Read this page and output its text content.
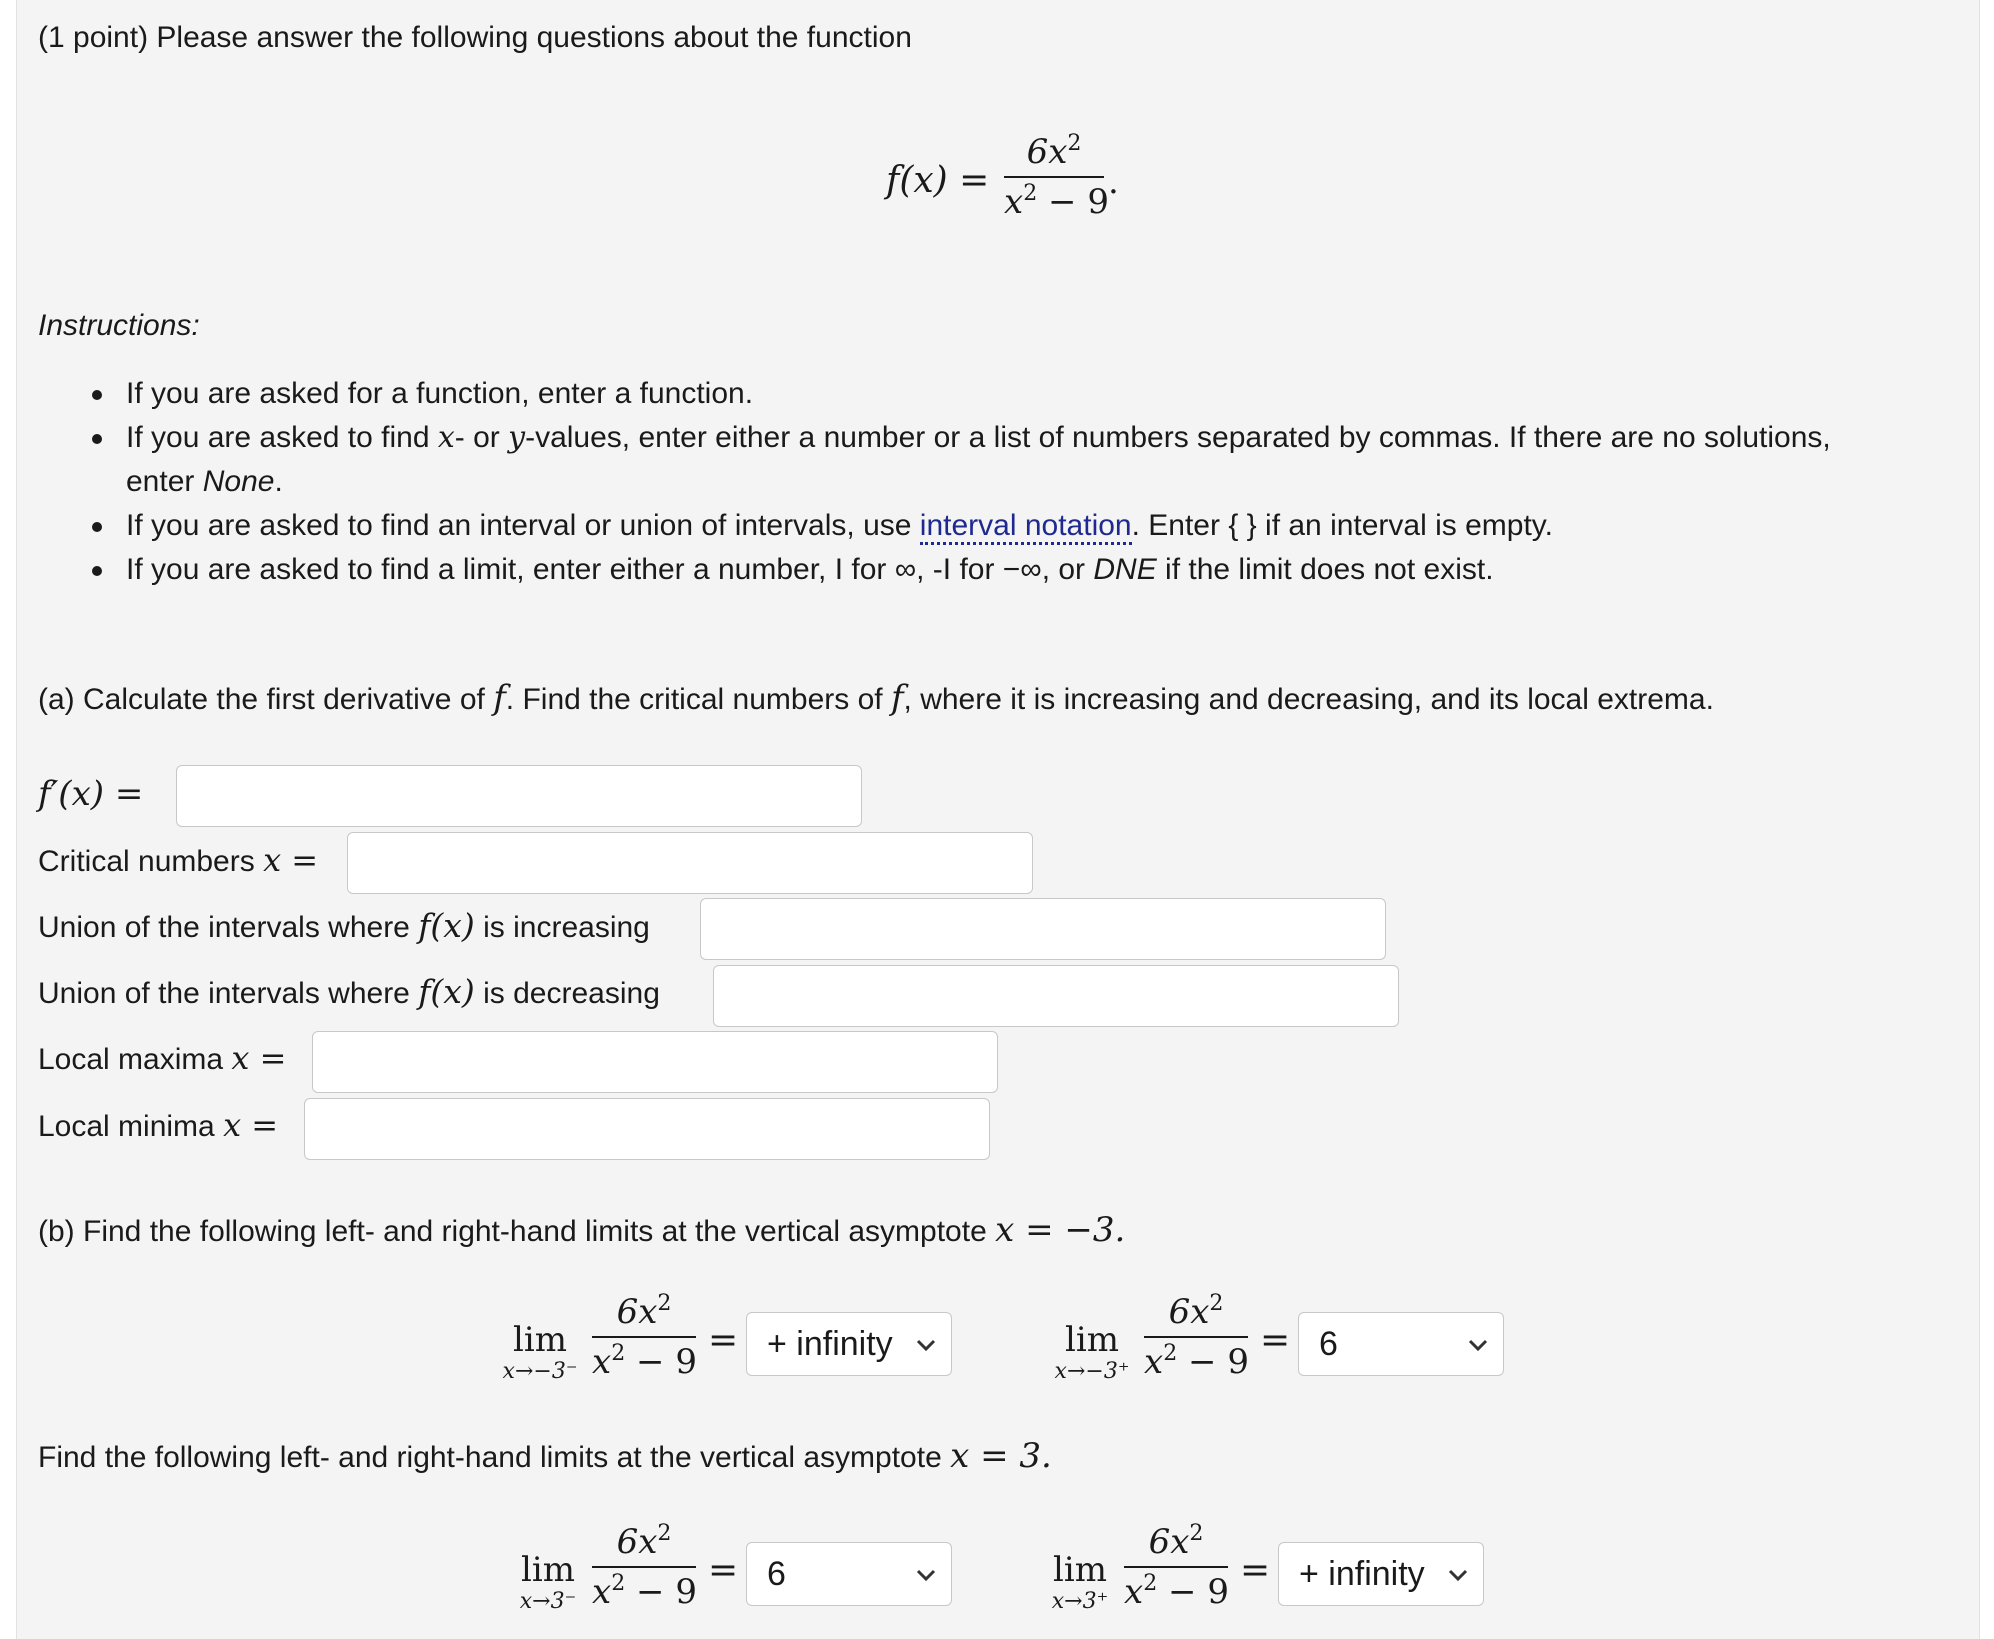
(1 point) Please answer the following questions about the function
f(x) =
$6x^2$
$x^2 - 9$ .
Instructions:
If you are asked for a function, enter a function.
If you are asked to find x- or y-values, enter either a number or a list of numbers separated by commas. If there are no solutions,
enter None.
If you are asked to find an interval or union of intervals, use interval notation. Enter { } if an interval is empty.
If you are asked to find a limit, enter either a number, I for ∞, -I for −∞, or DNE if the limit does not exist.
(a) Calculate the first derivative of f. Find the critical numbers of f, where it is increasing and decreasing, and its local extrema.
f′(x) =
Critical numbers x =
Union of the intervals where f(x) is increasing
Union of the intervals where f(x) is decreasing
Local maxima x =
Local minima x =
(b) Find the following left- and right-hand limits at the vertical asymptote x = −3.
lim
x→−3⁻
$6x^2$
$x^2 - 9$
= + infinity	lim
x→−3⁺
$6x^2$
$x^2 - 9$
= 6
Find the following left- and right-hand limits at the vertical asymptote x = 3.
lim
x→3⁻
$6x^2$
$x^2 - 9$
= 6	lim
x→3⁺
$6x^2$
$x^2 - 9$
= + infinity
